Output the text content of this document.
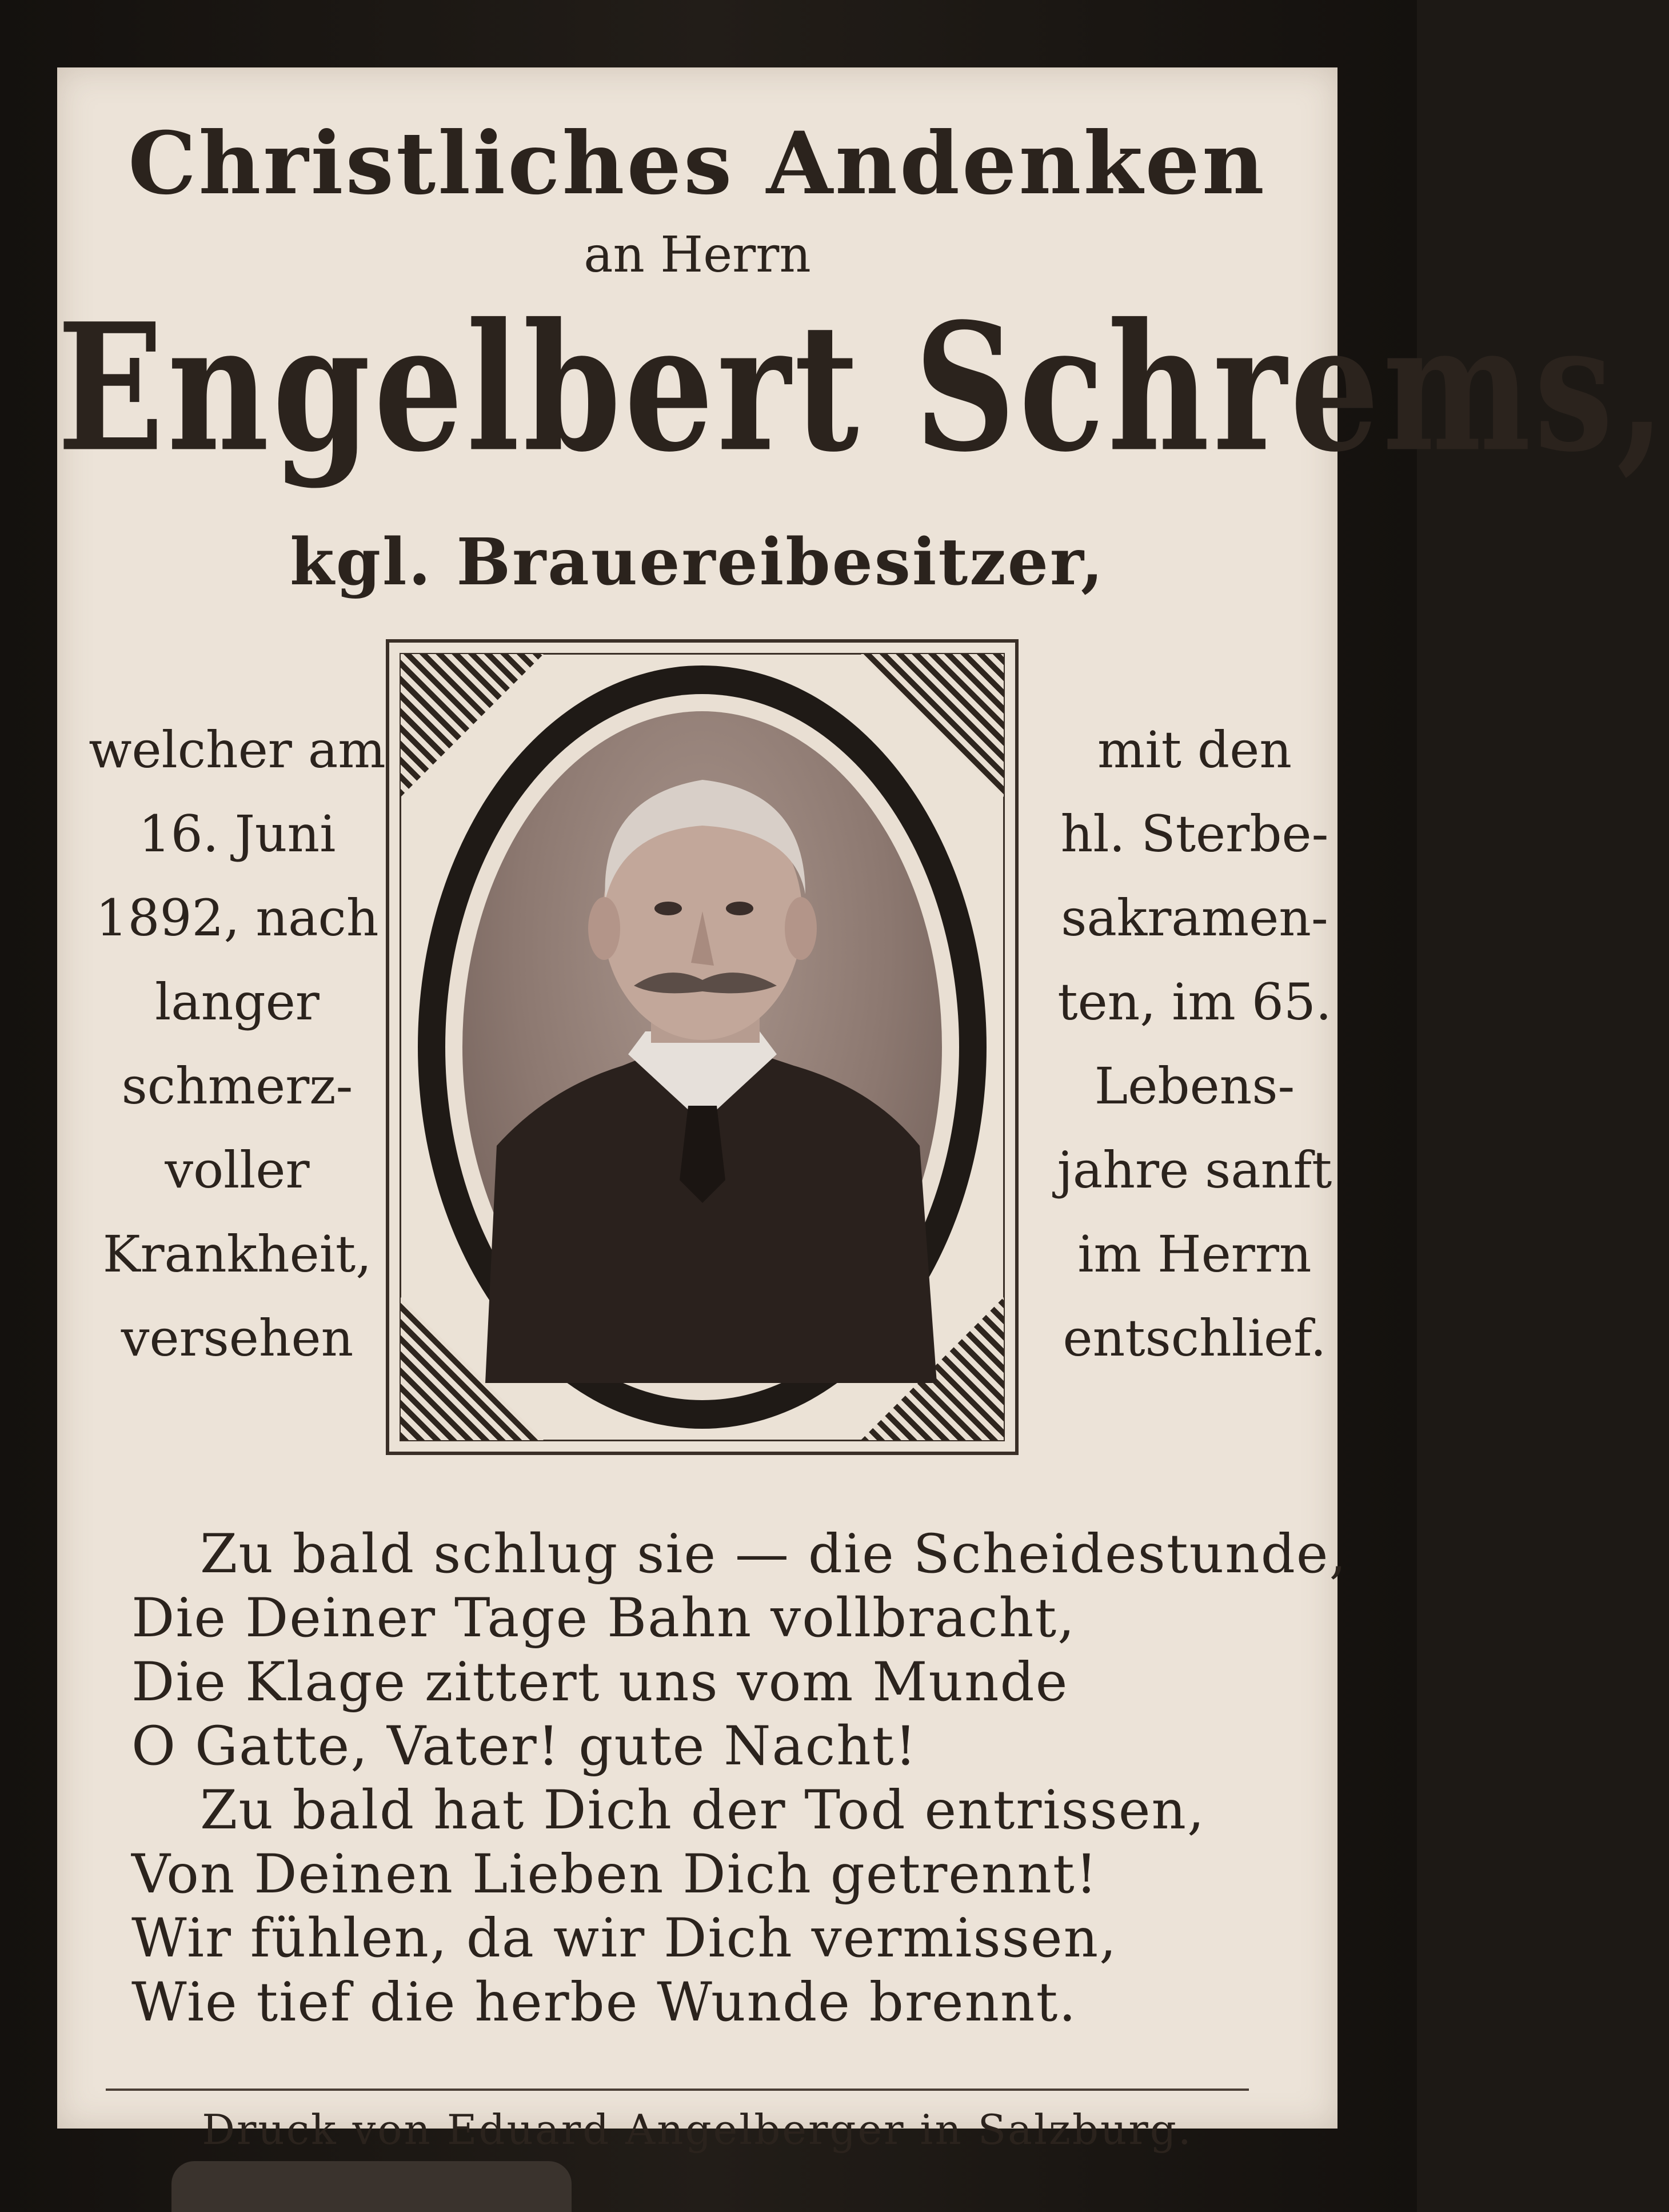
Christliches Andenken
an Herrn
Engelbert Schrems,
kgl. Brauereibesitzer,
welcher am
16. Juni
1892, nach
langer
schmerz-
voller
Krankheit,
versehen
mit den
hl. Sterbe-
sakramen-
ten, im 65.
Lebens-
jahre sanft
im Herrn
entschlief.
Zu bald schlug sie — die Scheidestunde,
Die Deiner Tage Bahn vollbracht,
Die Klage zittert uns vom Munde
O Gatte, Vater! gute Nacht!
Zu bald hat Dich der Tod entrissen,
Von Deinen Lieben Dich getrennt!
Wir fühlen, da wir Dich vermissen,
Wie tief die herbe Wunde brennt.
Druck von Eduard Angelberger in Salzburg.
